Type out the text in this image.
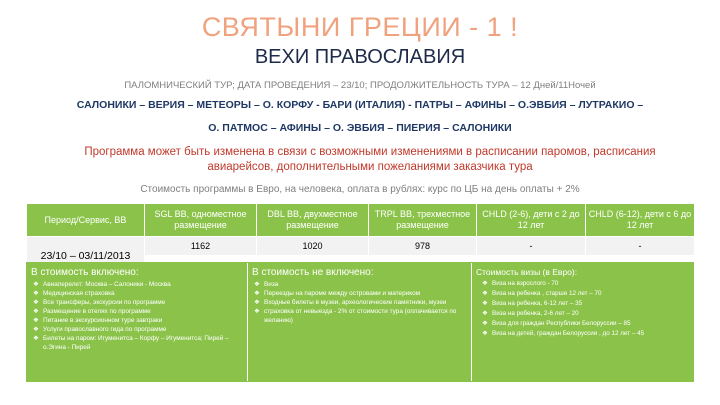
СВЯТЫНИ ГРЕЦИИ - 1 !
ВЕХИ ПРАВОСЛАВИЯ
ПАЛОМНИЧЕСКИЙ ТУР; ДАТА ПРОВЕДЕНИЯ – 23/10; ПРОДОЛЖИТЕЛЬНОСТЬ ТУРА – 12 Дней/11Ночей
САЛОНИКИ – ВЕРИЯ – МЕТЕОРЫ – О. КОРФУ - БАРИ (ИТАЛИЯ) - ПАТРЫ – АФИНЫ – О.ЭВБИЯ – ЛУТРАКИО –
О. ПАТМОС – АФИНЫ – О. ЭВБИЯ – ПИЕРИЯ – САЛОНИКИ
Программа может быть изменена в связи с возможными изменениями в расписании паромов, расписания авиарейсов, дополнительными пожеланиями заказчика тура
Стоимость программы в Евро, на человека, оплата в рублях: курс по ЦБ на день оплаты + 2%
Период/Сервис, ВВ	SGL ВВ, одноместное размещение	DBL ВВ, двухместное размещение	TRPL ВВ, трехместное размещение	CHLD (2-6), дети с 2 до 12 лет	CHLD (6-12), дети с 6 до 12 лет
23/10 – 03/11/2013	1162	1020	978	-	-

В стоимость включено:
❖ Авиаперелет: Москва – Салоники - Москва
❖ Медицинская страховка
❖ Все трансферы, экскурсии по программе
❖ Размещение в отелях по программе
❖ Питание в экскурсионном туре завтраки
❖ Услуги православного гида по программе
❖ Билеты на паром: Игуменитса – Корфу – Игуменитса; Пирей – о.Эгина - Пирей
В стоимость не включено:
❖ Виза
❖ Переезды на пароме между островами и материком
❖ Входные билеты в музеи, археологические памятники, музеи
❖ страховка от невыезда - 2% от стоимости тура (оплачивается по желанию)
Стоимость визы (в Евро):
❖ Виза на взрослого - 70
❖ Виза на ребенка , старше 12 лет – 70
❖ Виза на ребенка, 6-12 лет – 35
❖ Виза на ребенка, 2-6 лет – 20
❖ Виза для граждан Республики Белоруссии – 85
❖ Виза на детей, граждан Белоруссии , до 12 лет – 45
